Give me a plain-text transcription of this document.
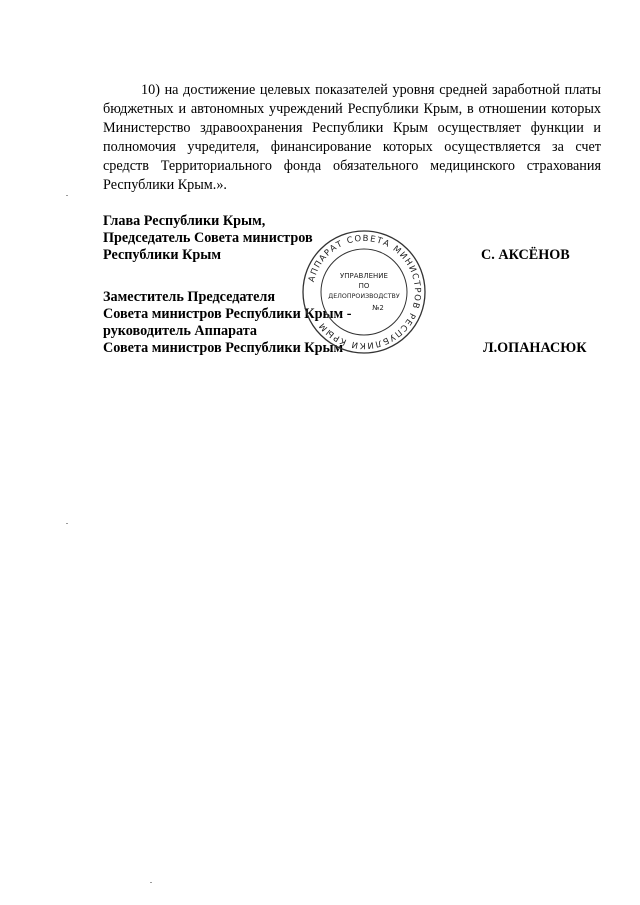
10) на достижение целевых показателей уровня средней заработной платы бюджетных и автономных учреждений Республики Крым, в отношении которых Министерство здравоохранения Республики Крым осуществляет функции и полномочия учредителя, финансирование которых осуществляется за счет средств Территориального фонда обязательного медицинского страхования Республики Крым.».

Глава Республики Крым,
Председатель Совета министров
Республики Крым	С. АКСЁНОВ
Заместитель Председателя
Совета министров Республики Крым -
руководитель Аппарата
Совета министров Республики Крым	Л.ОПАНАСЮК
АППАРАТ СОВЕТА МИНИСТРОВ РЕСПУБЛИКИ КРЫМ
УПРАВЛЕНИЕ
ПО
ДЕЛОПРОИЗВОДСТВУ
№2
